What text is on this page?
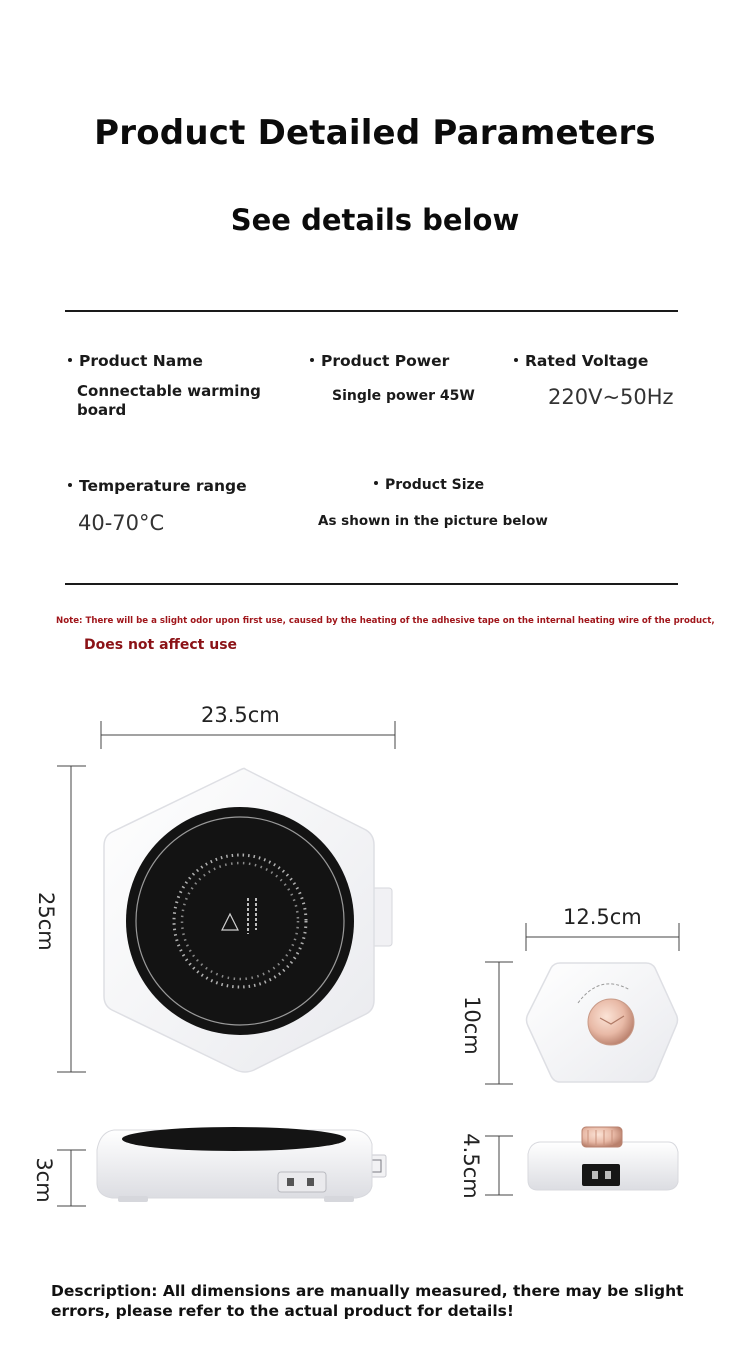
Product Detailed Parameters
See details below
Product Name
Connectable warming board
Product Power
Single power 45W
Rated Voltage
220V~50Hz
Temperature range
40-70°C
Product Size
As shown in the picture below
Note: There will be a slight odor upon first use, caused by the heating of the adhesive tape on the internal heating wire of the product,
Does not affect use
23.5cm
25cm
3cm
12.5cm
10cm
4.5cm
Description: All dimensions are manually measured, there may be slight errors, please refer to the actual product for details!
